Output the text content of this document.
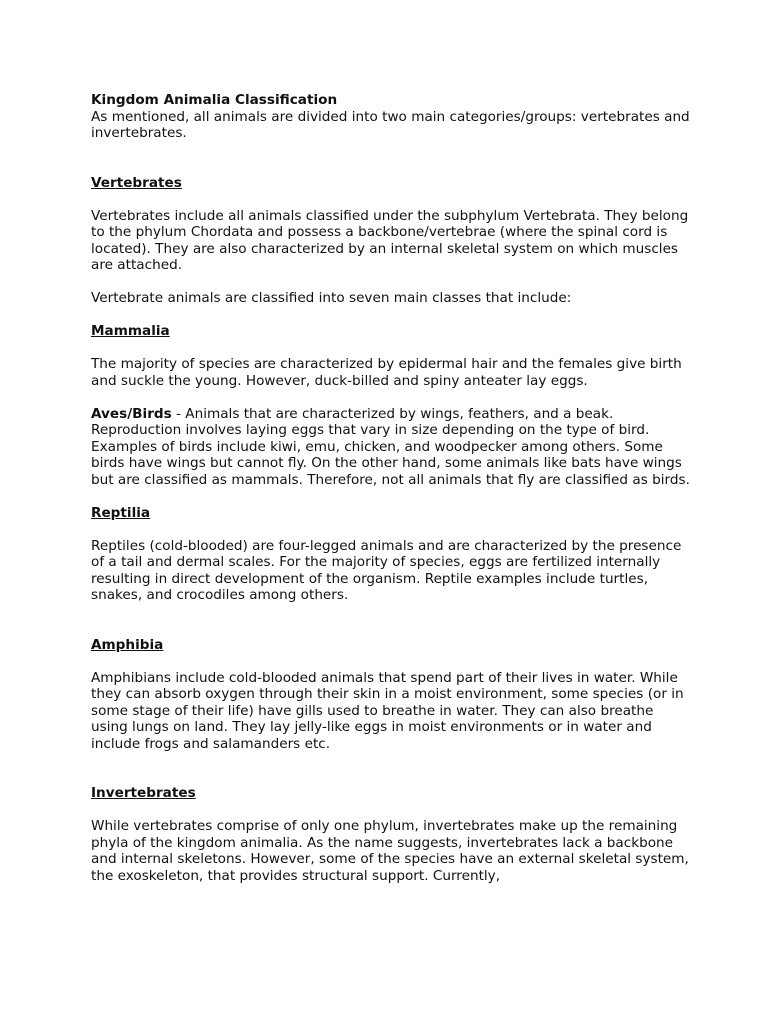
Kingdom Animalia Classification

As mentioned, all animals are divided into two main categories/groups: vertebrates and invertebrates.

Vertebrates

Vertebrates include all animals classified under the subphylum Vertebrata. They belong to the phylum Chordata and possess a backbone/vertebrae (where the spinal cord is located). They are also characterized by an internal skeletal system on which muscles are attached.

Vertebrate animals are classified into seven main classes that include:

Mammalia

The majority of species are characterized by epidermal hair and the females give birth and suckle the young. However, duck-billed and spiny anteater lay eggs.

Aves/Birds - Animals that are characterized by wings, feathers, and a beak. Reproduction involves laying eggs that vary in size depending on the type of bird. Examples of birds include kiwi, emu, chicken, and woodpecker among others. Some birds have wings but cannot fly. On the other hand, some animals like bats have wings but are classified as mammals. Therefore, not all animals that fly are classified as birds.

Reptilia

Reptiles (cold-blooded) are four-legged animals and are characterized by the presence of a tail and dermal scales. For the majority of species, eggs are fertilized internally resulting in direct development of the organism. Reptile examples include turtles, snakes, and crocodiles among others.

Amphibia

Amphibians include cold-blooded animals that spend part of their lives in water. While they can absorb oxygen through their skin in a moist environment, some species (or in some stage of their life) have gills used to breathe in water. They can also breathe using lungs on land. They lay jelly-like eggs in moist environments or in water and include frogs and salamanders etc.

Invertebrates

While vertebrates comprise of only one phylum, invertebrates make up the remaining phyla of the kingdom animalia. As the name suggests, invertebrates lack a backbone and internal skeletons. However, some of the species have an external skeletal system, the exoskeleton, that provides structural support. Currently,
